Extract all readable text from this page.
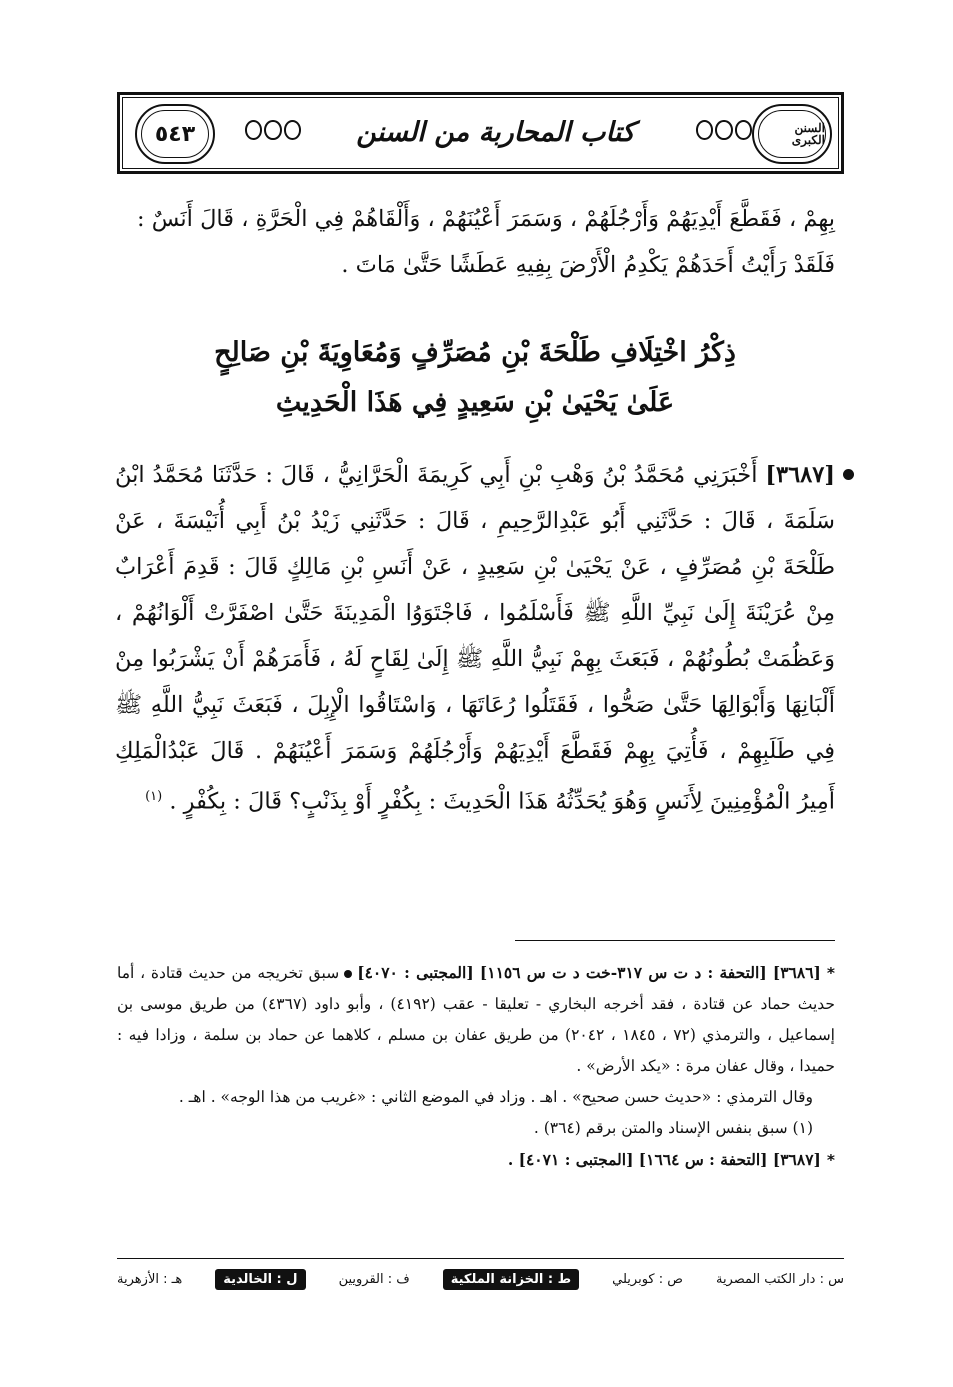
السنن الكبرى
كتاب المحاربة من السنن
٥٤٣
بِهِمْ ، فَقَطَّعَ أَيْدِيَهُمْ وَأَرْجُلَهُمْ ، وَسَمَرَ أَعْيُنَهُمْ ، وَأَلْقَاهُمْ فِي الْحَرَّةِ ، قَالَ أَنَسٌ :
فَلَقَدْ رَأَيْتُ أَحَدَهُمْ يَكْدِمُ الْأَرْضَ بِفِيهِ عَطَشًا حَتَّىٰ مَاتَ .
ذِكْرُ اخْتِلَافِ طَلْحَةَ بْنِ مُصَرِّفٍ وَمُعَاوِيَةَ بْنِ صَالِحٍ
عَلَىٰ يَحْيَىٰ بْنِ سَعِيدٍ فِي هَذَا الْحَدِيثِ
[٣٦٨٧] أَخْبَرَنِي مُحَمَّدُ بْنُ وَهْبِ بْنِ أَبِي كَرِيمَةَ الْحَرَّانِيُّ ، قَالَ : حَدَّثَنَا مُحَمَّدُ ابْنُ سَلَمَةَ ، قَالَ : حَدَّثَنِي أَبُو عَبْدِالرَّحِيمِ ، قَالَ : حَدَّثَنِي زَيْدُ بْنُ أَبِي أُنَيْسَةَ ، عَنْ طَلْحَةَ بْنِ مُصَرِّفٍ ، عَنْ يَحْيَىٰ بْنِ سَعِيدٍ ، عَنْ أَنَسِ بْنِ مَالِكٍ قَالَ : قَدِمَ أَعْرَابٌ مِنْ عُرَيْنَةَ إِلَىٰ نَبِيِّ اللَّهِ ﷺ فَأَسْلَمُوا ، فَاجْتَوَوُا الْمَدِينَةَ حَتَّىٰ اصْفَرَّتْ أَلْوَانُهُمْ ، وَعَظُمَتْ بُطُونُهُمْ ، فَبَعَثَ بِهِمْ نَبِيُّ اللَّهِ ﷺ إِلَىٰ لِقَاحٍ لَهُ ، فَأَمَرَهُمْ أَنْ يَشْرَبُوا مِنْ أَلْبَانِهَا وَأَبْوَالِهَا حَتَّىٰ صَحُّوا ، فَقَتَلُوا رُعَاتَهَا ، وَاسْتَاقُوا الْإِبِلَ ، فَبَعَثَ نَبِيُّ اللَّهِ ﷺ فِي طَلَبِهِمْ ، فَأُتِيَ بِهِمْ فَقَطَّعَ أَيْدِيَهُمْ وَأَرْجُلَهُمْ وَسَمَرَ أَعْيُنَهُمْ . قَالَ عَبْدُالْمَلِكِ أَمِيرُ الْمُؤْمِنِينَ لِأَنَسٍ وَهُوَ يُحَدِّثُهُ هَذَا الْحَدِيثَ : بِكُفْرٍ أَوْ بِذَنْبٍ؟ قَالَ : بِكُفْرٍ . $^{(١)}$

*[٣٦٨٦] [التحفة : د ت س ٣١٧-خت د ت س ١١٥٦] [المجتبى : ٤٠٧٠]سبق تخريجه من حديث قتادة ، أما حديث حماد عن قتادة ، فقد أخرجه البخاري - تعليقا - عقب (٤١٩٢) ، وأبو داود (٤٣٦٧) من طريق موسى بن إسماعيل ، والترمذي (٧٢ ، ١٨٤٥ ، ٢٠٤٢) من طريق عفان بن مسلم ، كلاهما عن حماد بن سلمة ، وزادا فيه : حميدا ، وقال عفان مرة : «يكد الأرض» .

وقال الترمذي : «حديث حسن صحيح» . اهـ . وزاد في الموضع الثاني : «غريب من هذا الوجه» . اهـ .

(١) سبق بنفس الإسناد والمتن برقم (٣٦٤) .

*[٣٦٨٧] [التحفة : س ١٦٦٤] [المجتبى : ٤٠٧١] .

س : دار الكتب المصرية
ص : كوبريلي
ط : الخزانة الملكية
ف : القرويين
ل : الخالدية
هـ : الأزهرية
